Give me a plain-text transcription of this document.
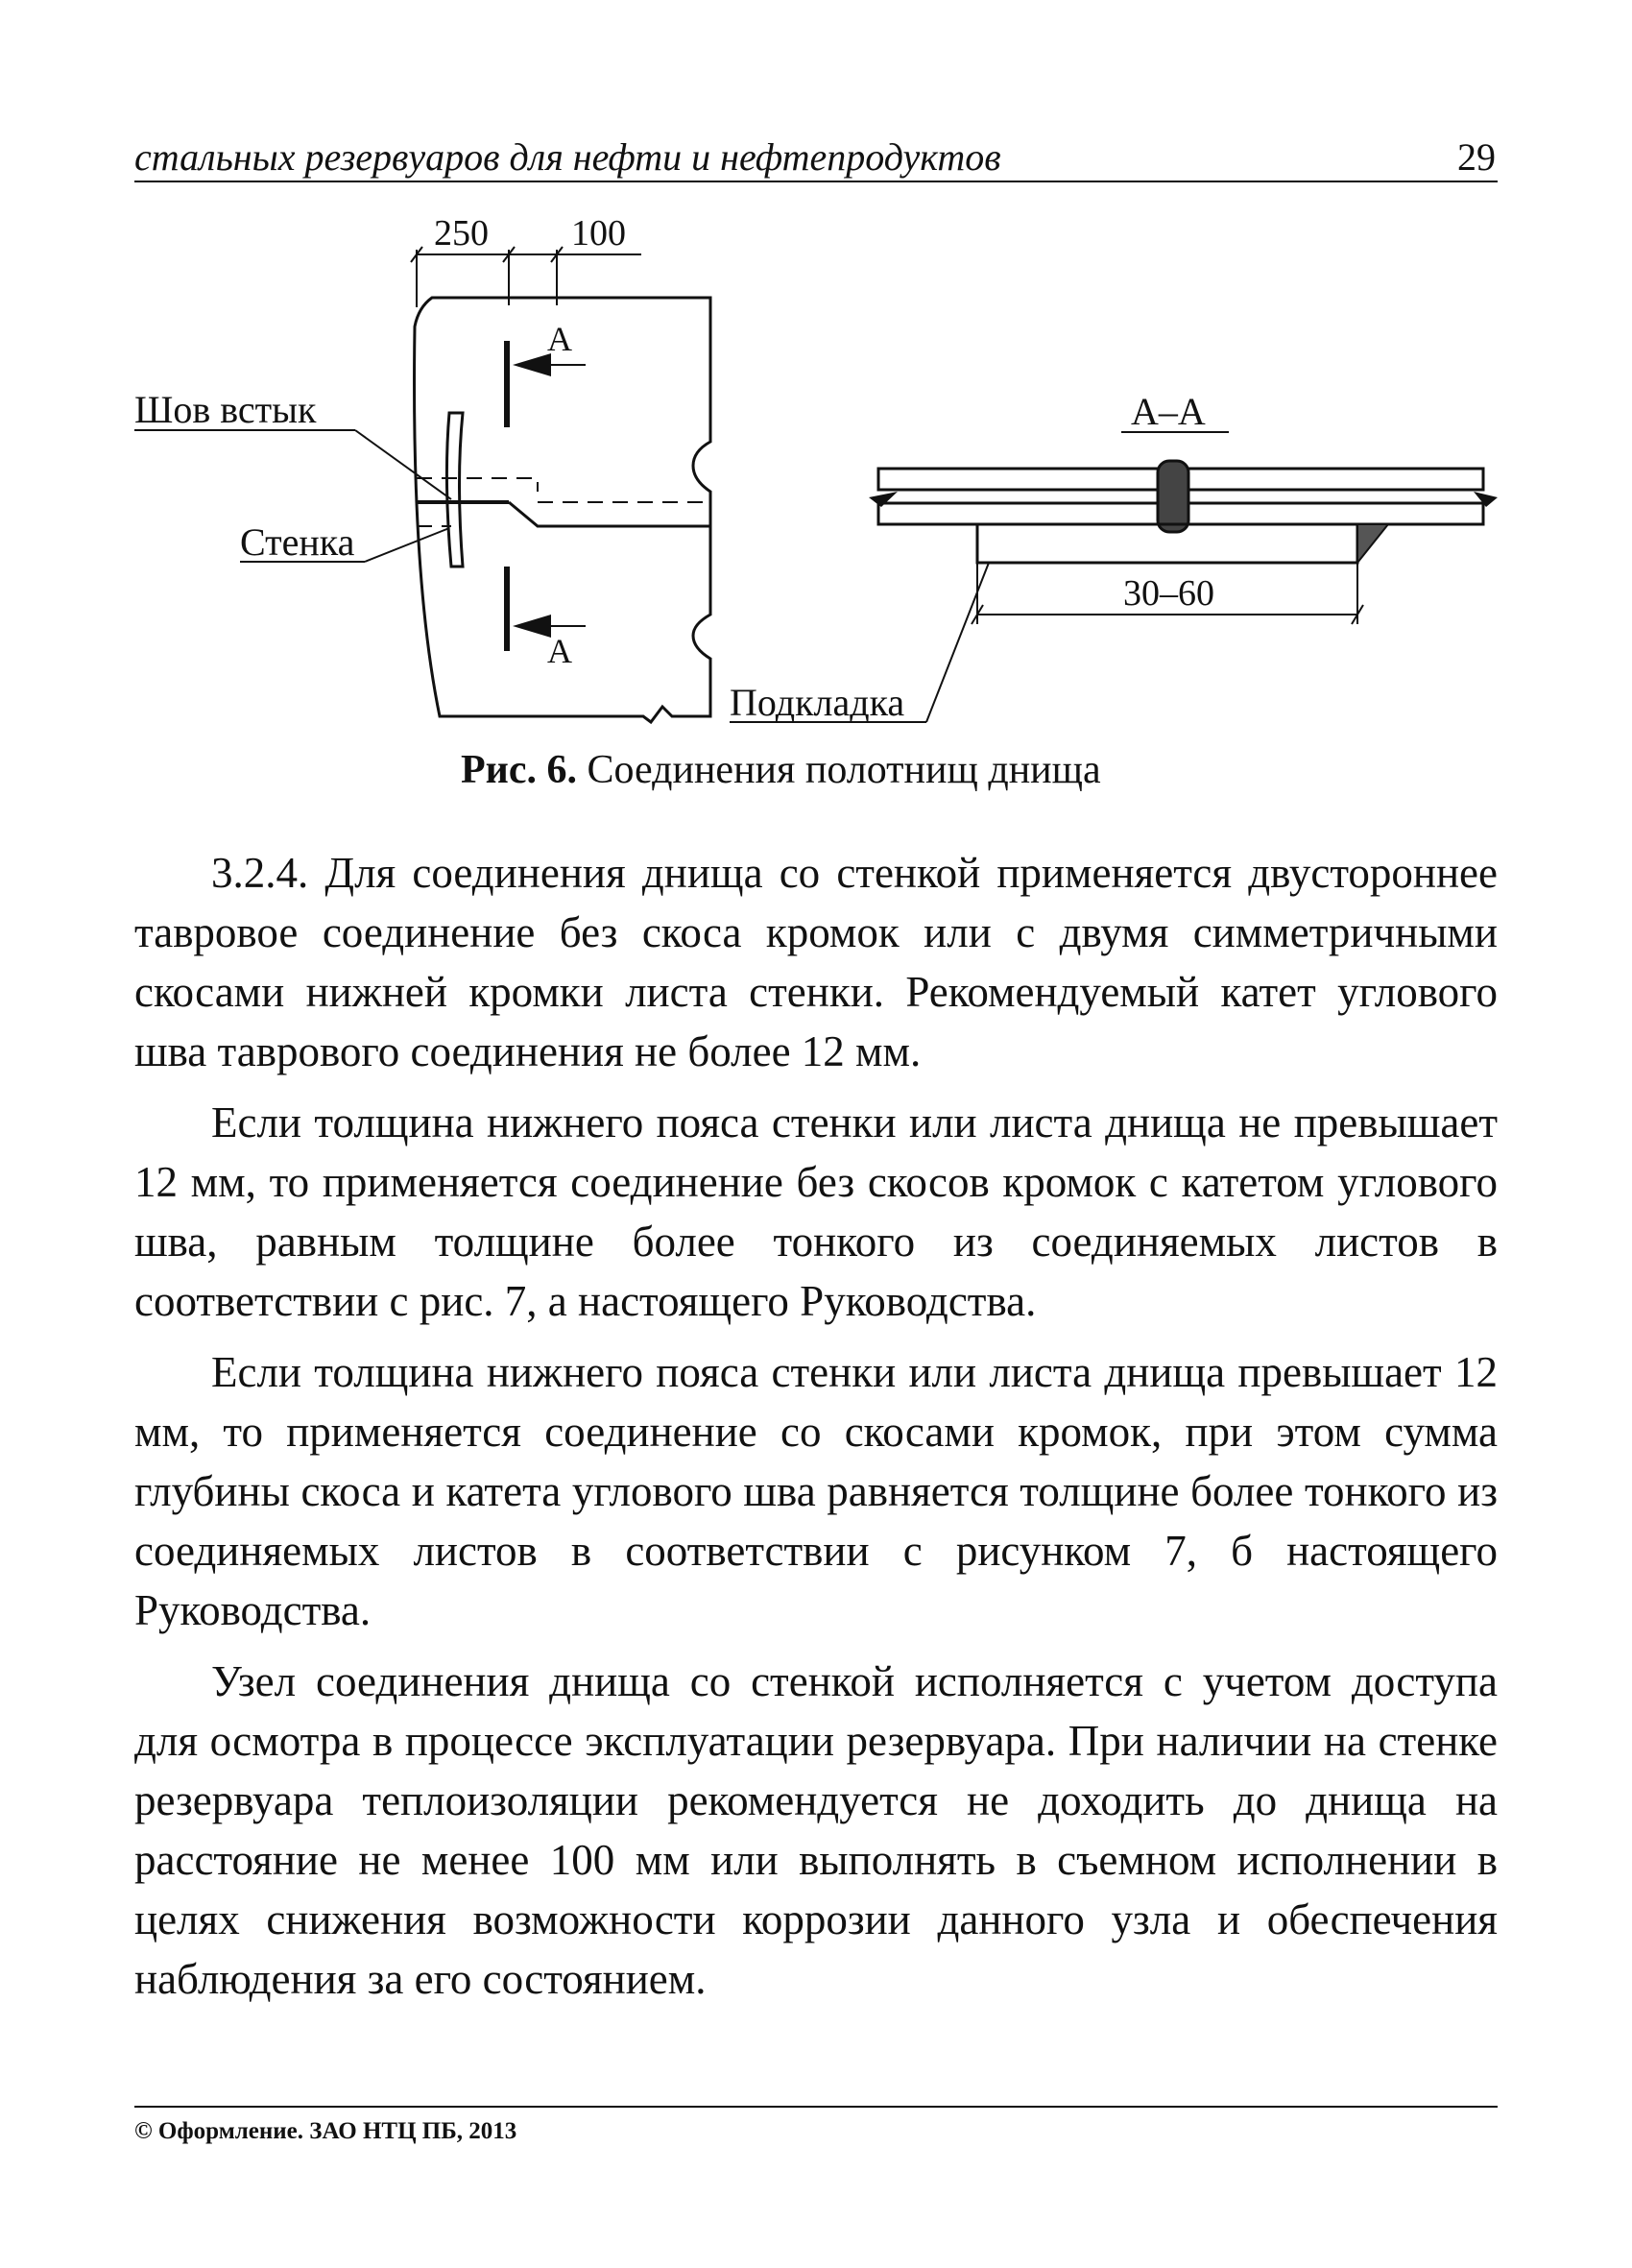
стальных резервуаров для нефти и нефтепродуктов	29
250 100
А
А
Шов встык
Стенка
А–А
30–60
Подкладка
Рис. 6. Соединения полотнищ днища

3.2.4. Для соединения днища со стенкой применяется двустороннее тавровое соединение без скоса кромок или с двумя симметричными скосами нижней кромки листа стенки. Рекомендуемый катет углового шва таврового соединения не более 12 мм.

Если толщина нижнего пояса стенки или листа днища не превышает 12 мм, то применяется соединение без скосов кромок с катетом углового шва, равным толщине более тонкого из соединяемых листов в соответствии с рис. 7, а настоящего Руководства.

Если толщина нижнего пояса стенки или листа днища превышает 12 мм, то применяется соединение со скосами кромок, при этом сумма глубины скоса и катета углового шва равняется толщине более тонкого из соединяемых листов в соответствии с рисунком 7, б настоящего Руководства.

Узел соединения днища со стенкой исполняется с учетом доступа для осмотра в процессе эксплуатации резервуара. При наличии на стенке резервуара теплоизоляции рекомендуется не доходить до днища на расстояние не менее 100 мм или выполнять в съемном исполнении в целях снижения возможности коррозии данного узла и обеспечения наблюдения за его состоянием.

© Оформление. ЗАО НТЦ ПБ, 2013
